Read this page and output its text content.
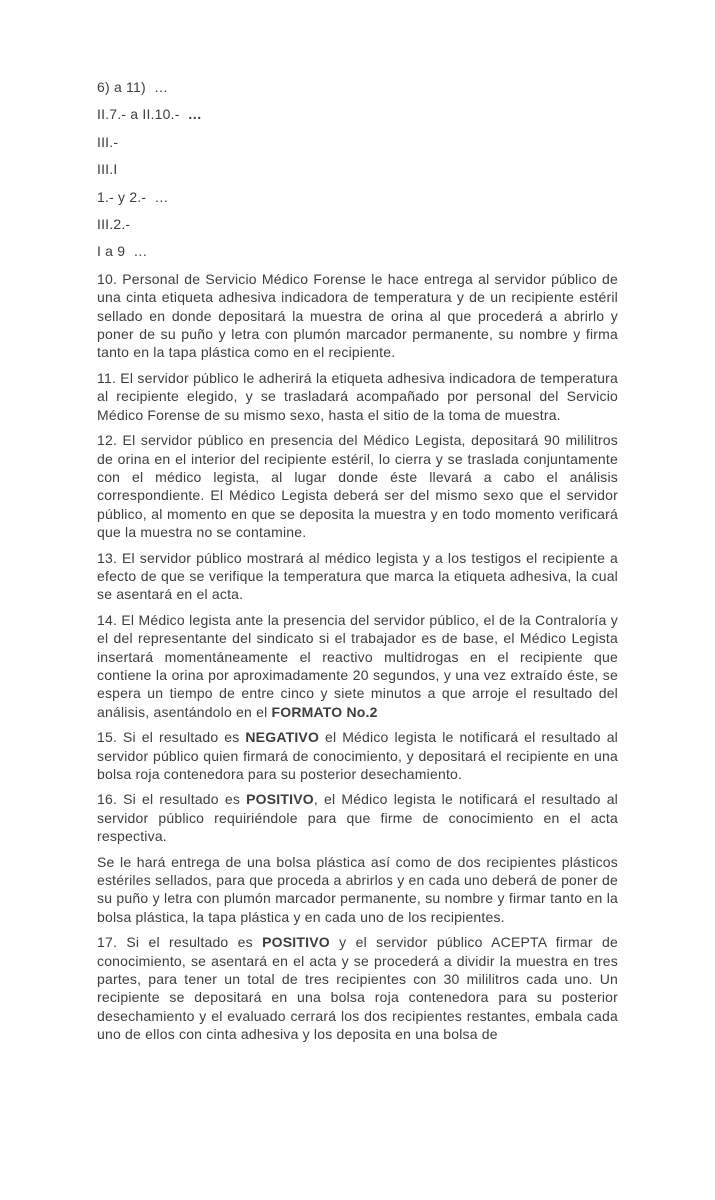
6) a 11)  …

II.7.- a II.10.-  …

III.-

III.I

1.- y 2.-  …

III.2.-

I a 9  …

10. Personal de Servicio Médico Forense le hace entrega al servidor público de una cinta etiqueta adhesiva indicadora de temperatura y de un recipiente estéril sellado en donde depositará la muestra de orina al que procederá a abrirlo y poner de su puño y letra con plumón marcador permanente, su nombre y firma tanto en la tapa plástica como en el recipiente.

11. El servidor público le adherirá la etiqueta adhesiva indicadora de temperatura al recipiente elegido, y se trasladará acompañado por personal del Servicio Médico Forense de su mismo sexo, hasta el sitio de la toma de muestra.

12. El servidor público en presencia del Médico Legista, depositará 90 mililitros de orina en el interior del recipiente estéril, lo cierra y se traslada conjuntamente con el médico legista, al lugar donde éste llevará a cabo el análisis correspondiente. El Médico Legista deberá ser del mismo sexo que el servidor público, al momento en que se deposita la muestra y en todo momento verificará que la muestra no se contamine.

13. El servidor público mostrará al médico legista y a los testigos el recipiente a efecto de que se verifique la temperatura que marca la etiqueta adhesiva, la cual se asentará en el acta.

14. El Médico legista ante la presencia del servidor público, el de la Contraloría y el del representante del sindicato si el trabajador es de base, el Médico Legista insertará momentáneamente el reactivo multidrogas en el recipiente que contiene la orina por aproximadamente 20 segundos, y una vez extraído éste, se espera un tiempo de entre cinco y siete minutos a que arroje el resultado del análisis, asentándolo en el FORMATO No.2

15. Si el resultado es NEGATIVO el Médico legista le notificará el resultado al servidor público quien firmará de conocimiento, y depositará el recipiente en una bolsa roja contenedora para su posterior desechamiento.

16. Si el resultado es POSITIVO, el Médico legista le notificará el resultado al servidor público requiriéndole para que firme de conocimiento en el acta respectiva.

Se le hará entrega de una bolsa plástica así como de dos recipientes plásticos estériles sellados, para que proceda a abrirlos y en cada uno deberá de poner de su puño y letra con plumón marcador permanente, su nombre y firmar tanto en la bolsa plástica, la tapa plástica y en cada uno de los recipientes.

17. Si el resultado es POSITIVO y el servidor público ACEPTA firmar de conocimiento, se asentará en el acta y se procederá a dividir la muestra en tres partes, para tener un total de tres recipientes con 30 mililitros cada uno. Un recipiente se depositará en una bolsa roja contenedora para su posterior desechamiento y el evaluado cerrará los dos recipientes restantes, embala cada uno de ellos con cinta adhesiva y los deposita en una bolsa de
